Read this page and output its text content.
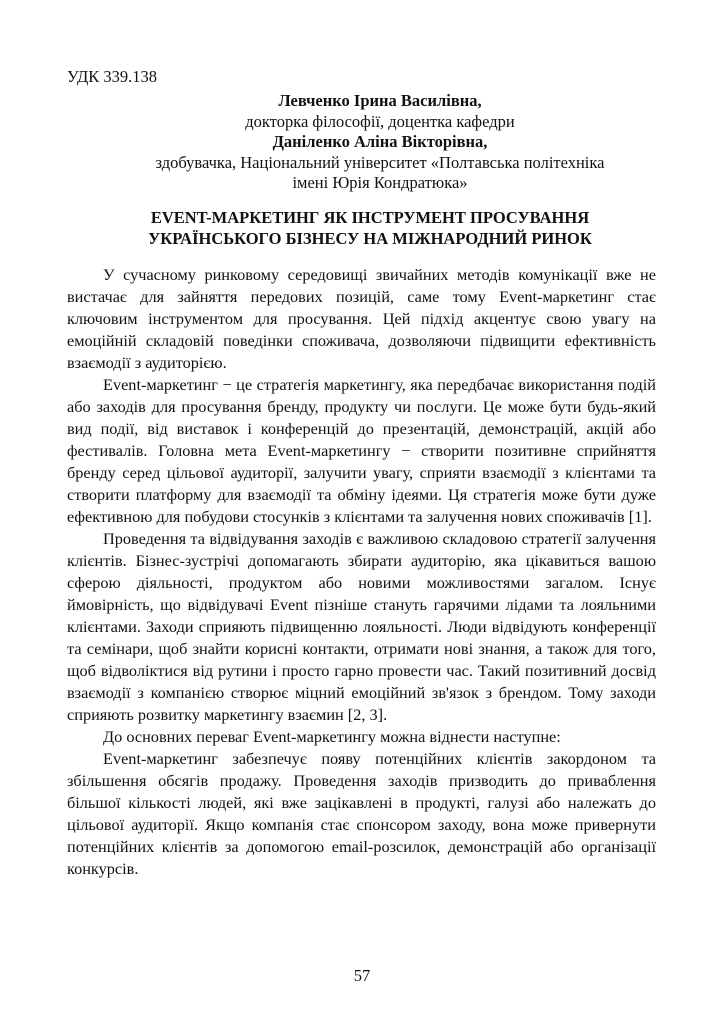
УДК 339.138
Левченко Ірина Василівна,
докторка філософії, доцентка кафедри
Даніленко Аліна Вікторівна,
здобувачка, Національний університет «Полтавська політехніка
імені Юрія Кондратюка»
EVENT-МАРКЕТИНГ ЯК ІНСТРУМЕНТ ПРОСУВАННЯ
УКРАЇНСЬКОГО БІЗНЕСУ НА МІЖНАРОДНИЙ РИНОК

У сучасному ринковому середовищі звичайних методів комунікації вже не вистачає для зайняття передових позицій, саме тому Event-маркетинг стає ключовим інструментом для просування. Цей підхід акцентує свою увагу на емоційній складовій поведінки споживача, дозволяючи підвищити ефективність взаємодії з аудиторією.

Event-маркетинг − це стратегія маркетингу, яка передбачає використання подій або заходів для просування бренду, продукту чи послуги. Це може бути будь-який вид події, від виставок і конференцій до презентацій, демонстрацій, акцій або фестивалів. Головна мета Event-маркетингу − створити позитивне сприйняття бренду серед цільової аудиторії, залучити увагу, сприяти взаємодії з клієнтами та створити платформу для взаємодії та обміну ідеями. Ця стратегія може бути дуже ефективною для побудови стосунків з клієнтами та залучення нових споживачів [1].

Проведення та відвідування заходів є важливою складовою стратегії залучення клієнтів. Бізнес-зустрічі допомагають збирати аудиторію, яка цікавиться вашою сферою діяльності, продуктом або новими можливостями загалом. Існує ймовірність, що відвідувачі Event пізніше стануть гарячими лідами та лояльними клієнтами. Заходи сприяють підвищенню лояльності. Люди відвідують конференції та семінари, щоб знайти корисні контакти, отримати нові знання, а також для того, щоб відволіктися від рутини і просто гарно провести час. Такий позитивний досвід взаємодії з компанією створює міцний емоційний зв'язок з брендом. Тому заходи сприяють розвитку маркетингу взаємин [2, 3].

До основних переваг Event-маркетингу можна віднести наступне:

Event-маркетинг забезпечує появу потенційних клієнтів закордоном та збільшення обсягів продажу. Проведення заходів призводить до приваблення більшої кількості людей, які вже зацікавлені в продукті, галузі або належать до цільової аудиторії. Якщо компанія стає спонсором заходу, вона може привернути потенційних клієнтів за допомогою email-розсилок, демонстрацій або організації конкурсів.

57
